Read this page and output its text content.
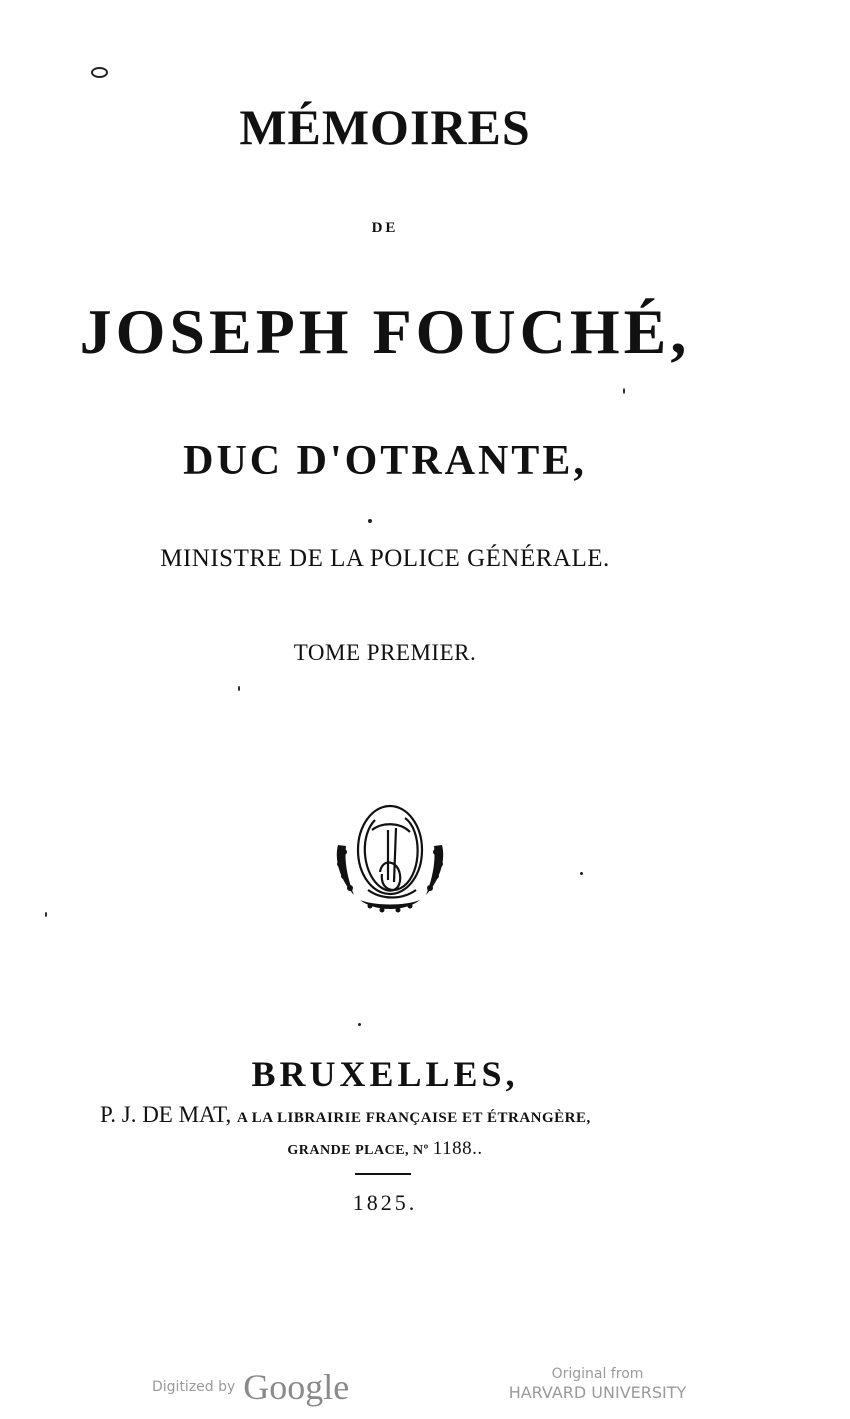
MÉMOIRES
DE
JOSEPH FOUCHÉ,
DUC D'OTRANTE,
MINISTRE DE LA POLICE GÉNÉRALE.
TOME PREMIER.
BRUXELLES,
P. J. DE MAT, A LA LIBRAIRIE FRANÇAISE ET ÉTRANGÈRE,
GRANDE PLACE, Nº 1188..
1825.
Digitized by Google	Original from
HARVARD UNIVERSITY
